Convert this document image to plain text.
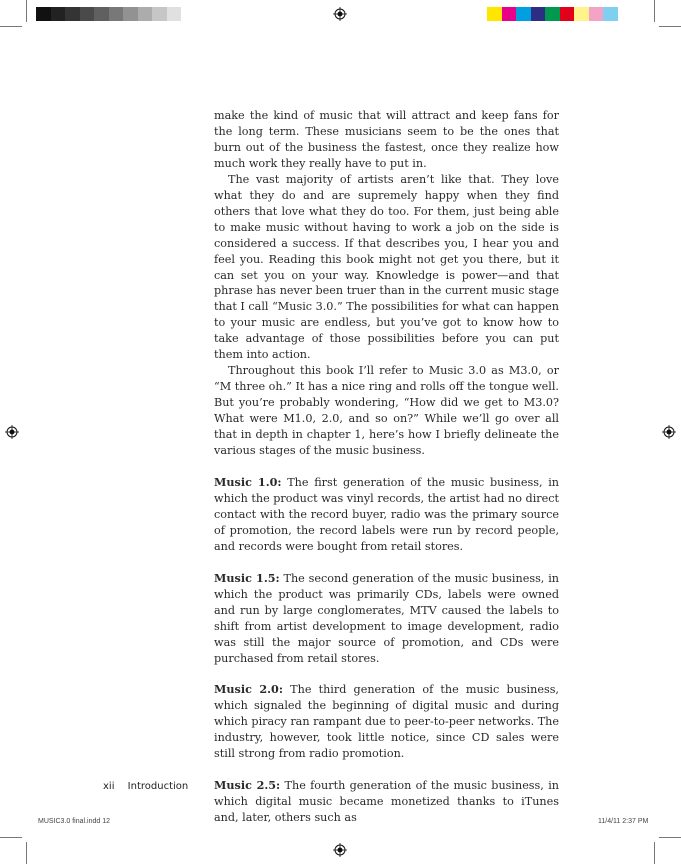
make the kind of music that will attract and keep fans for the long term. These musicians seem to be the ones that burn out of the business the fastest, once they realize how much work they really have to put in.

The vast majority of artists aren’t like that. They love what they do and are supremely happy when they find others that love what they do too. For them, just being able to make music without having to work a job on the side is considered a success. If that describes you, I hear you and feel you. Reading this book might not get you there, but it can set you on your way. Knowledge is power—and that phrase has never been truer than in the current music stage that I call “Music 3.0.” The possibilities for what can happen to your music are endless, but you’ve got to know how to take advantage of those possibilities before you can put them into action.

Throughout this book I’ll refer to Music 3.0 as M3.0, or “M three oh.” It has a nice ring and rolls off the tongue well. But you’re probably wondering, “How did we get to M3.0? What were M1.0, 2.0, and so on?” While we’ll go over all that in depth in chapter 1, here’s how I briefly delineate the various stages of the music business.

Music 1.0: The first generation of the music business, in which the product was vinyl records, the artist had no direct contact with the record buyer, radio was the primary source of promotion, the record labels were run by record people, and records were bought from retail stores.

Music 1.5: The second generation of the music business, in which the product was primarily CDs, labels were owned and run by large conglomerates, MTV caused the labels to shift from artist development to image development, radio was still the major source of promotion, and CDs were purchased from retail stores.

Music 2.0: The third generation of the music business, which signaled the beginning of digital music and during which piracy ran rampant due to peer-to-peer networks. The industry, however, took little notice, since CD sales were still strong from radio promotion.

Music 2.5: The fourth generation of the music business, in which digital music became monetized thanks to iTunes and, later, others such as

xii Introduction
MUSIC3.0 final.indd 12	11/4/11 2:37 PM
